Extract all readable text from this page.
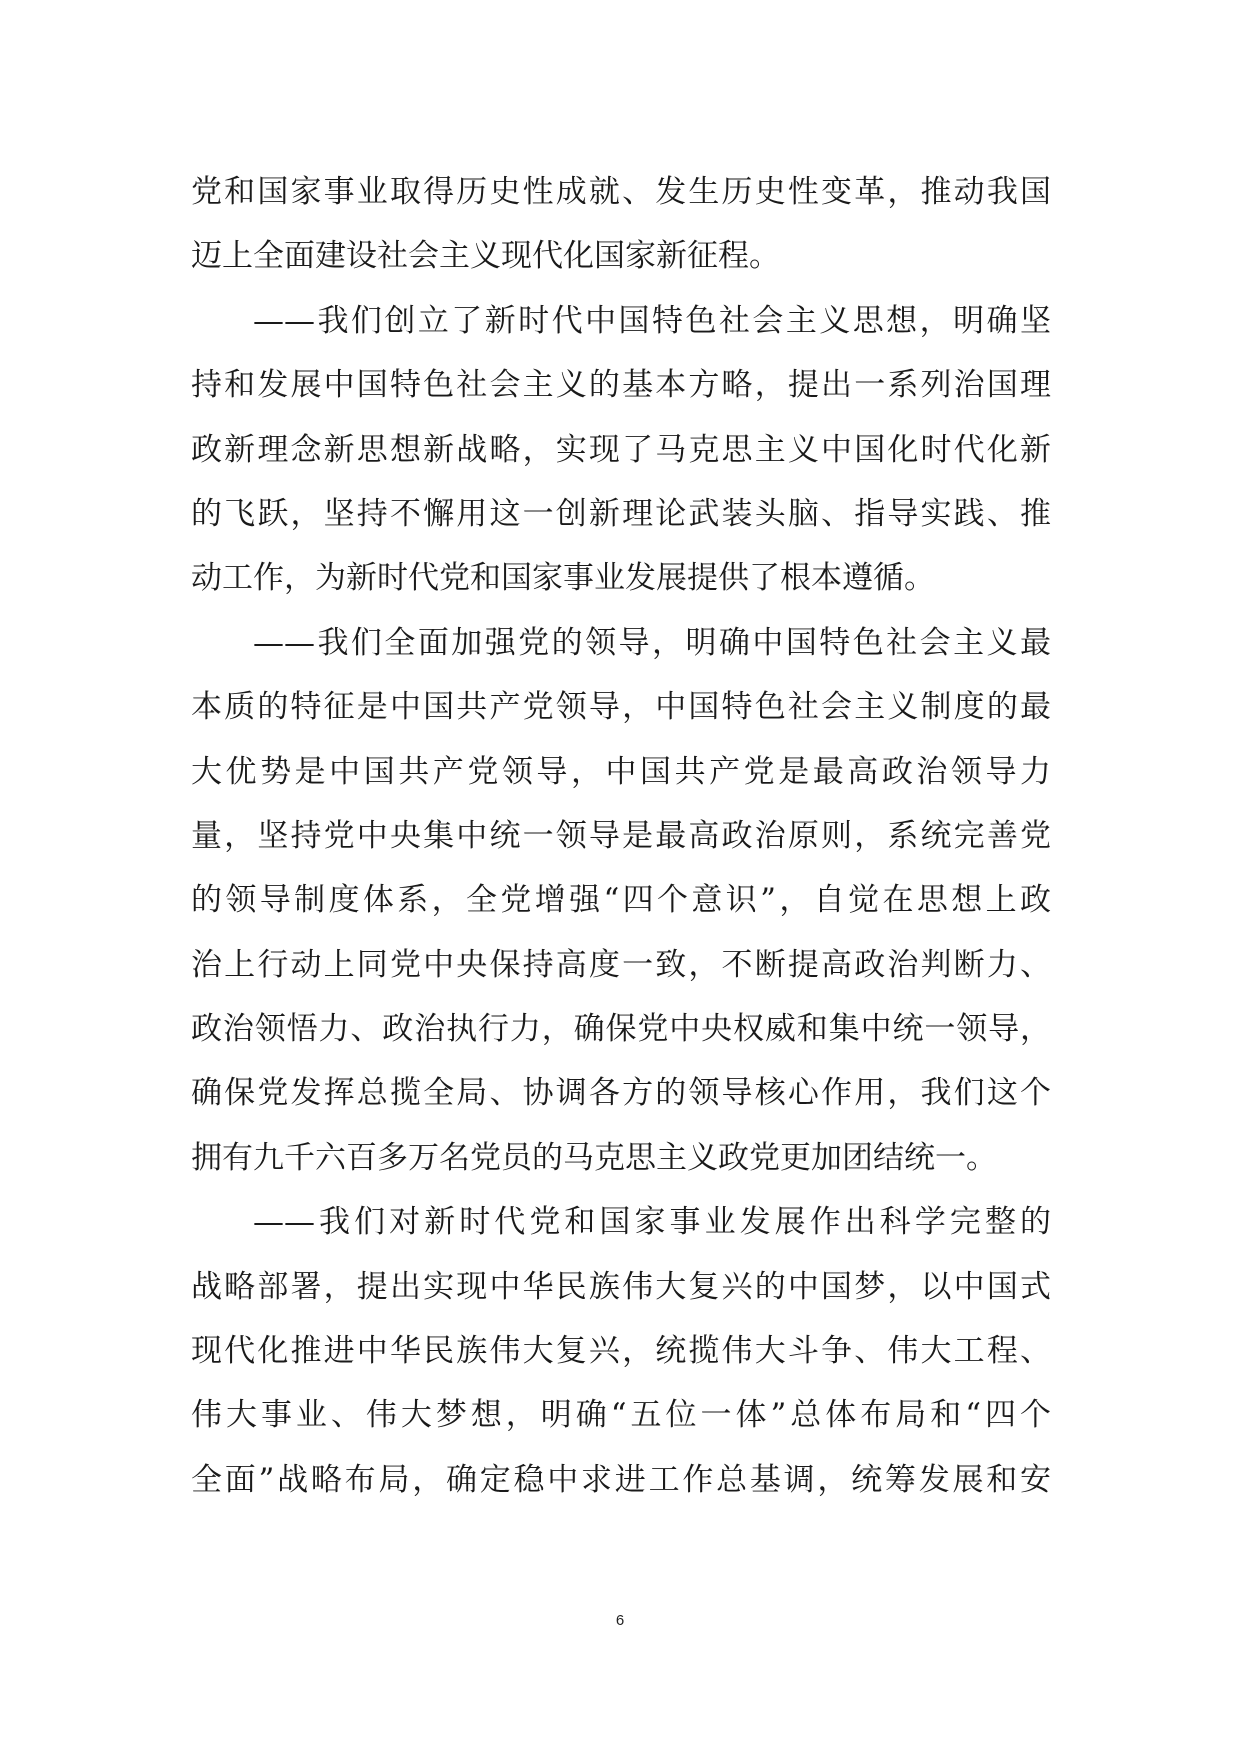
党和国家事业取得历史性成就、发生历史性变革，推动我国
迈上全面建设社会主义现代化国家新征程。
——我们创立了新时代中国特色社会主义思想，明确坚
持和发展中国特色社会主义的基本方略，提出一系列治国理
政新理念新思想新战略，实现了马克思主义中国化时代化新
的飞跃，坚持不懈用这一创新理论武装头脑、指导实践、推
动工作，为新时代党和国家事业发展提供了根本遵循。
——我们全面加强党的领导，明确中国特色社会主义最
本质的特征是中国共产党领导，中国特色社会主义制度的最
大优势是中国共产党领导，中国共产党是最高政治领导力
量，坚持党中央集中统一领导是最高政治原则，系统完善党
的领导制度体系，全党增强“四个意识”，自觉在思想上政
治上行动上同党中央保持高度一致，不断提高政治判断力、
政治领悟力、政治执行力，确保党中央权威和集中统一领导，
确保党发挥总揽全局、协调各方的领导核心作用，我们这个
拥有九千六百多万名党员的马克思主义政党更加团结统一。
——我们对新时代党和国家事业发展作出科学完整的
战略部署，提出实现中华民族伟大复兴的中国梦，以中国式
现代化推进中华民族伟大复兴，统揽伟大斗争、伟大工程、
伟大事业、伟大梦想，明确“五位一体”总体布局和“四个
全面”战略布局，确定稳中求进工作总基调，统筹发展和安
6
